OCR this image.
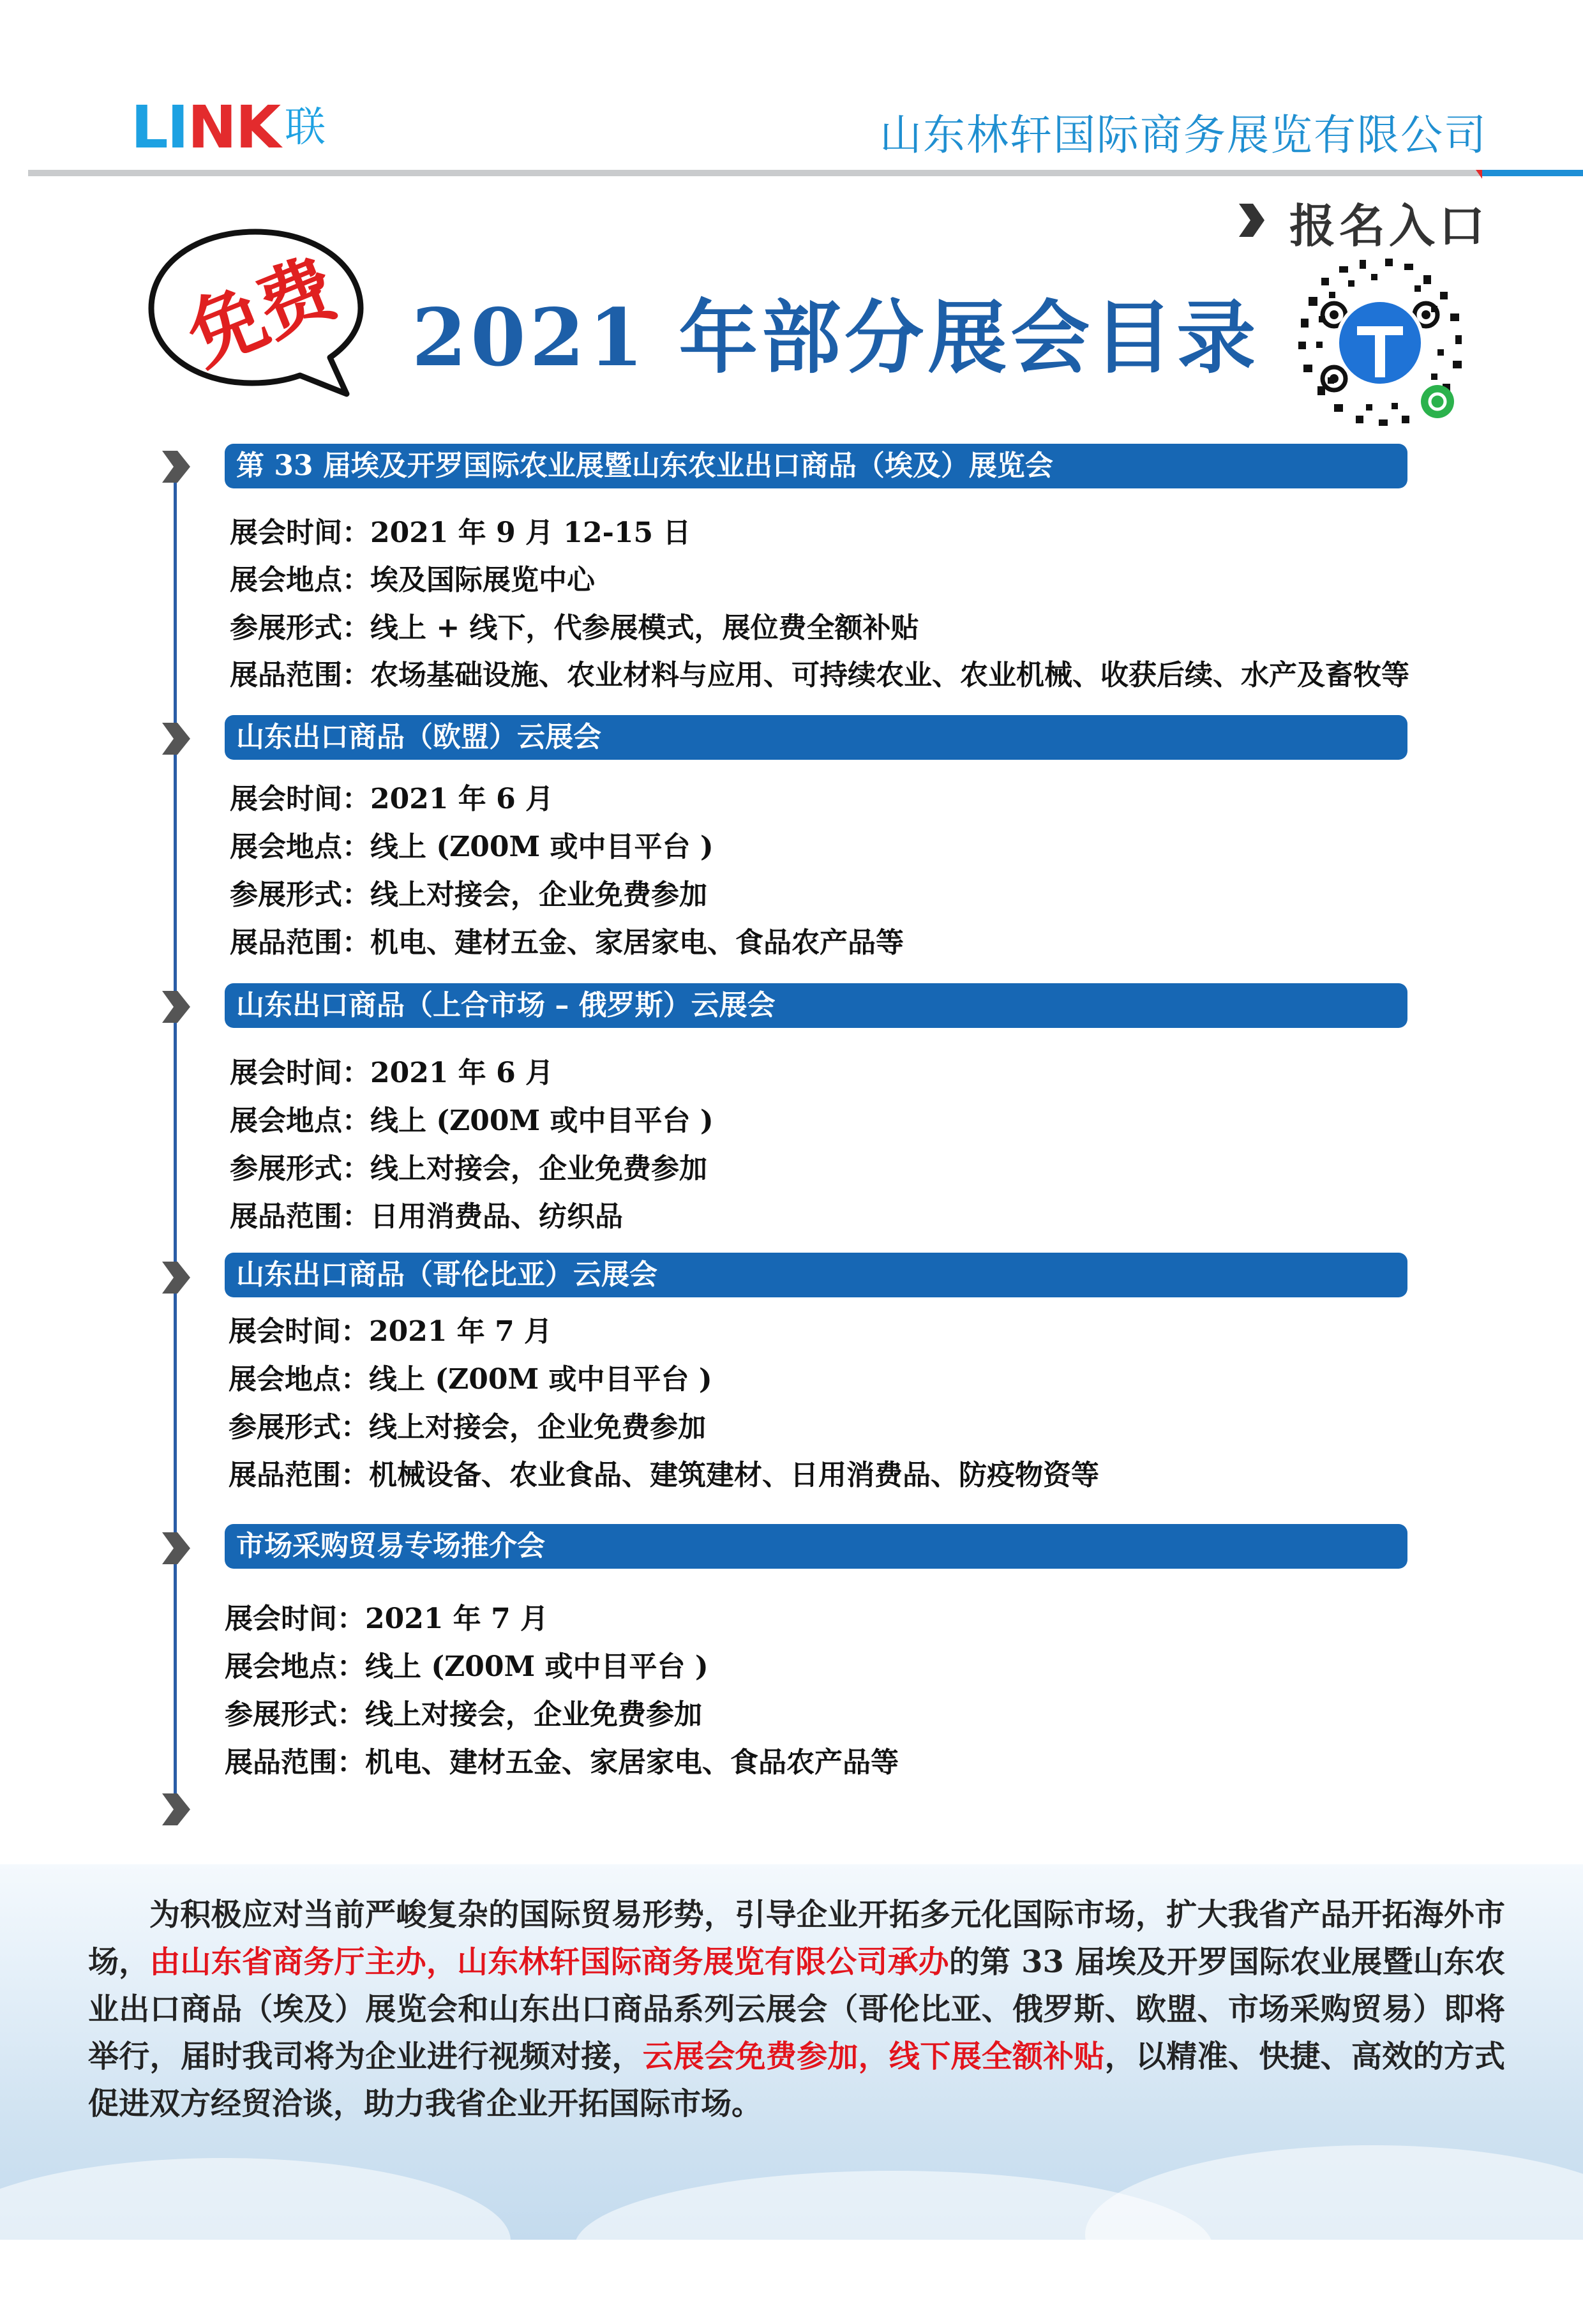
LINK 联	山东林轩国际商务展览有限公司
免费 2021 年部分展会目录
报名入口
第 33 届埃及开罗国际农业展暨山东农业出口商品（埃及）展览会
展会时间：2021 年 9 月 12-15 日
展会地点：埃及国际展览中心
参展形式：线上 + 线下，代参展模式，展位费全额补贴
展品范围：农场基础设施、农业材料与应用、可持续农业、农业机械、收获后续、水产及畜牧等
山东出口商品（欧盟）云展会
展会时间：2021 年 6 月
展会地点：线上 (Z00M 或中目平台 )
参展形式：线上对接会，企业免费参加
展品范围：机电、建材五金、家居家电、食品农产品等
山东出口商品（上合市场 – 俄罗斯）云展会
展会时间：2021 年 6 月
展会地点：线上 (Z00M 或中目平台 )
参展形式：线上对接会，企业免费参加
展品范围：日用消费品、纺织品
山东出口商品（哥伦比亚）云展会
展会时间：2021 年 7 月
展会地点：线上 (Z00M 或中目平台 )
参展形式：线上对接会，企业免费参加
展品范围：机械设备、农业食品、建筑建材、日用消费品、防疫物资等
市场采购贸易专场推介会
展会时间：2021 年 7 月
展会地点：线上 (Z00M 或中目平台 )
参展形式：线上对接会，企业免费参加
展品范围：机电、建材五金、家居家电、食品农产品等
为积极应对当前严峻复杂的国际贸易形势，引导企业开拓多元化国际市场，扩大我省产品开拓海外市场，由山东省商务厅主办，山东林轩国际商务展览有限公司承办的第 33 届埃及开罗国际农业展暨山东农业出口商品（埃及）展览会和山东出口商品系列云展会（哥伦比亚、俄罗斯、欧盟、市场采购贸易）即将举行，届时我司将为企业进行视频对接，云展会免费参加，线下展全额补贴，以精准、快捷、高效的方式促进双方经贸洽谈，助力我省企业开拓国际市场。
